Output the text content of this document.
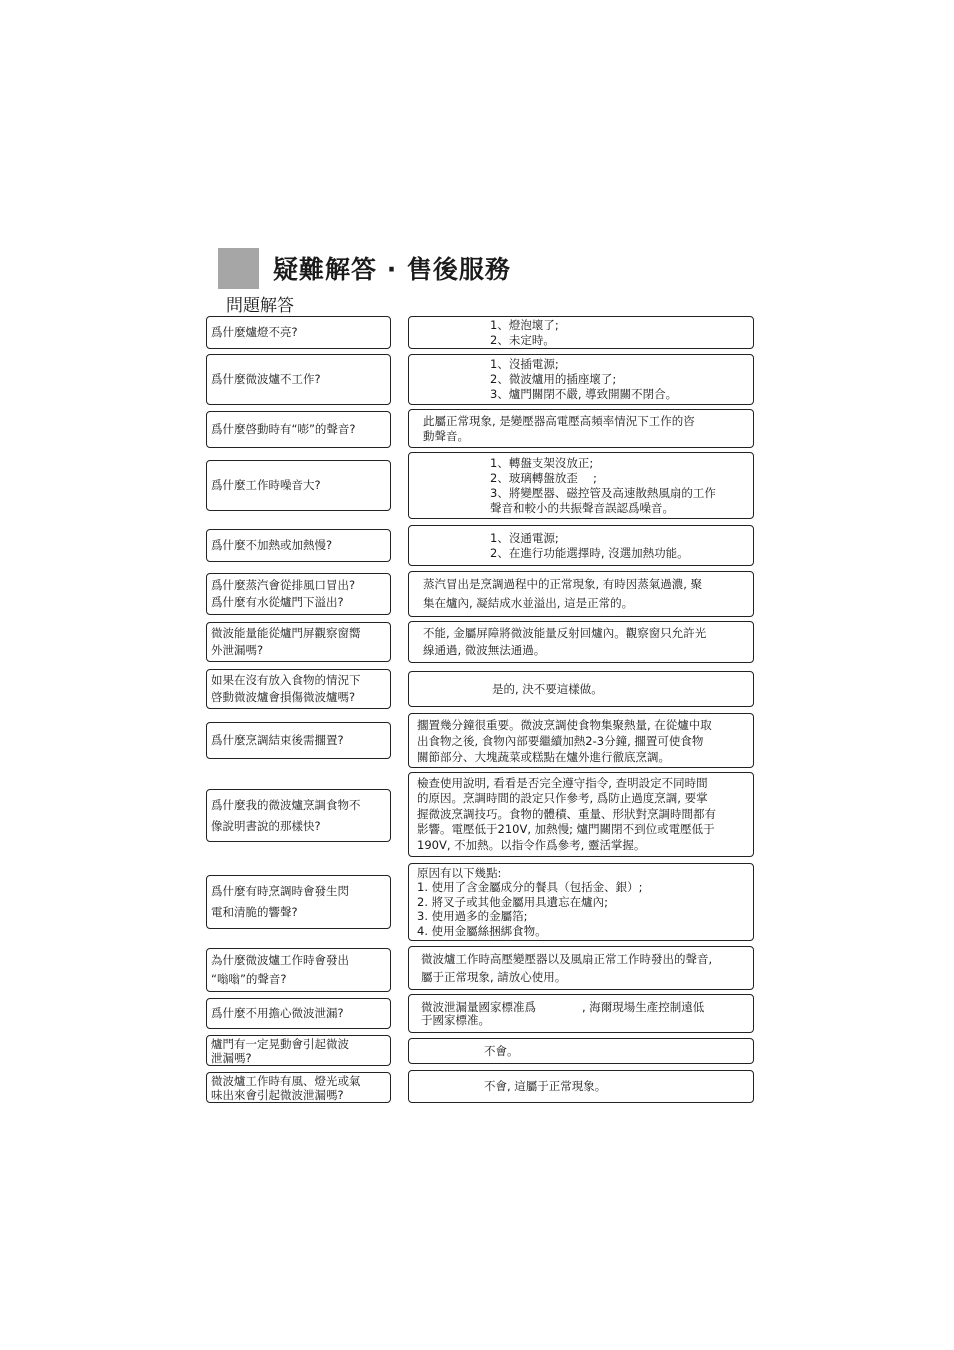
疑難解答 · 售後服務
問題解答
爲什麼爐燈不亮?
1、燈泡壞了;
2、未定時。
爲什麼微波爐不工作?
1、沒插電源;
2、微波爐用的插座壞了;
3、爐門關閉不嚴, 導致開關不閉合。
爲什麼啓動時有“嘭”的聲音?
此屬正常現象, 是變壓器高電壓高頻率情況下工作的咨
動聲音。
爲什麼工作時噪音大?
1、轉盤支架沒放正;
2、玻璃轉盤放歪　 ;
3、將變壓器、磁控管及高速散熱風扇的工作
聲音和較小的共振聲音誤認爲噪音。
爲什麼不加熱或加熱慢?
1、沒通電源;
2、在進行功能選擇時, 沒選加熱功能。
爲什麼蒸汽會從排風口冒出?
爲什麼有水從爐門下溢出?
蒸汽冒出是烹調過程中的正常現象, 有時因蒸氣過濃, 聚
集在爐內, 凝結成水並溢出, 這是正常的。
微波能量能從爐門屏觀察窗嚮
外泄漏嗎?
不能, 金屬屏障將微波能量反射回爐內。觀察窗只允許光
線通過, 微波無法通過。
如果在沒有放入食物的情況下
啓動微波爐會損傷微波爐嗎?
是的, 決不要這樣做。
爲什麼烹調結束後需擱置?
擱置幾分鐘很重要。微波烹調使食物集聚熱量, 在從爐中取
出食物之後, 食物內部要繼續加熱2-3分鐘, 擱置可使食物
關節部分、大塊蔬菜或糕點在爐外進行徹底烹調。
爲什麼我的微波爐烹調食物不
像說明書說的那樣快?
檢查使用說明, 看看是否完全遵守指令, 查明設定不同時間
的原因。烹調時間的設定只作參考, 爲防止過度烹調, 要掌
握微波烹調技巧。食物的體積、重量、形狀對烹調時間都有
影響。電壓低于210V, 加熱慢; 爐門關閉不到位或電壓低于
190V, 不加熱。以指令作爲參考, 靈活掌握。
爲什麼有時烹調時會發生閃
電和清脆的響聲?
原因有以下幾點:
1. 使用了含金屬成分的餐具（包括金、銀）;
2. 將叉子或其他金屬用具遺忘在爐內;
3. 使用過多的金屬箔;
4. 使用金屬絲捆綁食物。
為什麼微波爐工作時會發出
“嗡嗡”的聲音?
微波爐工作時高壓變壓器以及風扇正常工作時發出的聲音,
屬于正常現象, 請放心使用。
爲什麼不用擔心微波泄漏?	微波泄漏量國家標准爲　　　　, 海爾現場生產控制遠低
于國家標准。
爐門有一定晃動會引起微波
泄漏嗎?	不會。
微波爐工作時有風、燈光或氣
味出來會引起微波泄漏嗎?
不會, 這屬于正常現象。
